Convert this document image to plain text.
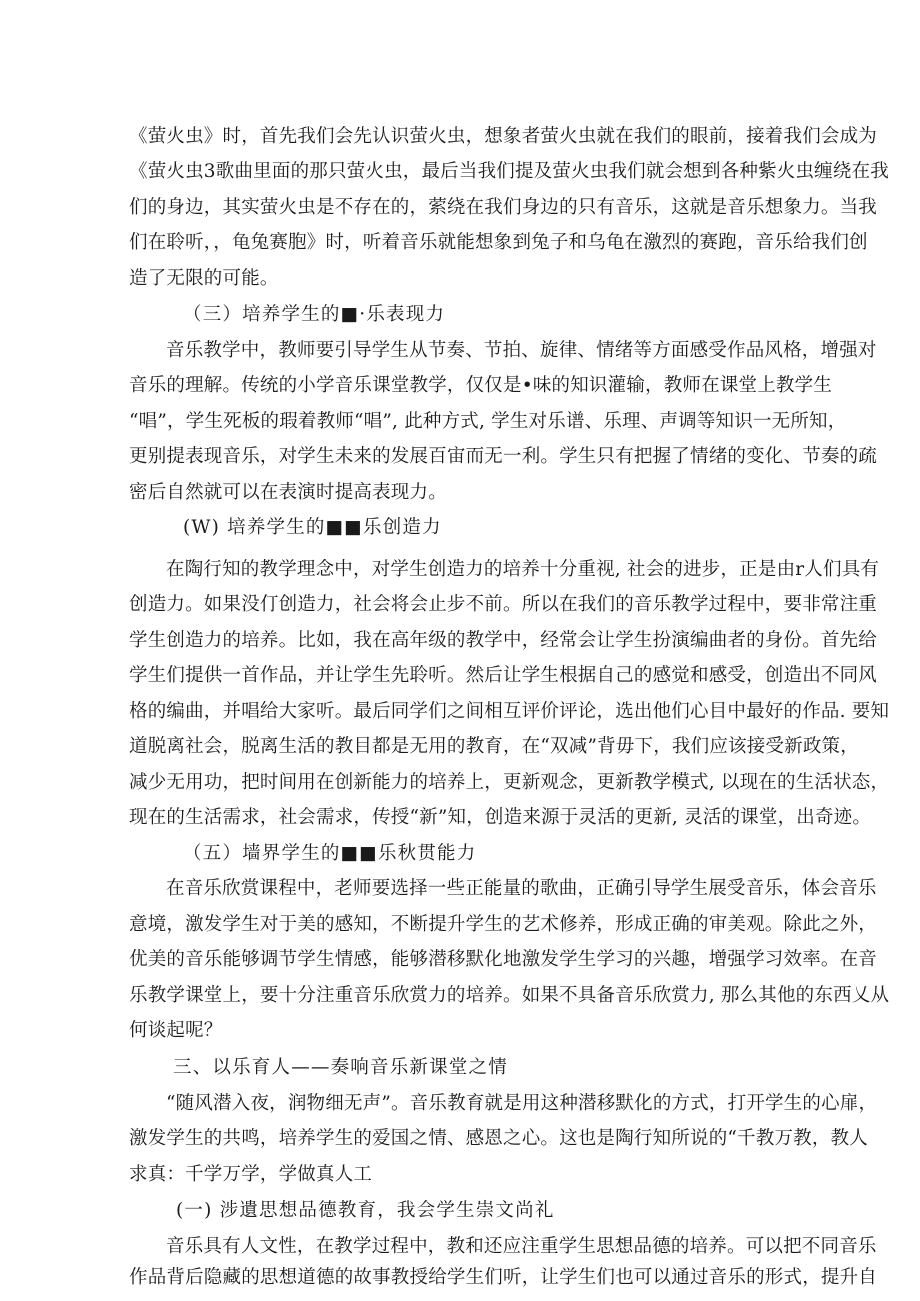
《萤火虫》时，首先我们会先认识萤火虫，想象者萤火虫就在我们的眼前，接着我们会成为
《萤火虫3歌曲里面的那只萤火虫，最后当我们提及萤火虫我们就会想到各种紫火虫缠绕在我
们的身边，其实萤火虫是不存在的，萦绕在我们身边的只有音乐，这就是音乐想象力。当我
们在聆听，，龟兔赛胞》时，听着音乐就能想象到兔子和乌龟在激烈的赛跑，音乐给我们创
造了无限的可能。
（三）培养学生的■·乐表现力
音乐教学中，教师要引导学生从节奏、节拍、旋律、情绪等方面感受作品风格，增强对
音乐的理解。传统的小学音乐课堂教学，仅仅是•味的知识灌输，教师在课堂上教学生
“唱”，学生死板的瑕着教师“唱”, 此种方式, 学生对乐谱、乐理、声调等知识一无所知，
更别提表现音乐，对学生未来的发展百宙而无一利。学生只有把握了情绪的变化、节奏的疏
密后自然就可以在表演时提高表现力。
(W) 培养学生的■■乐创造力
在陶行知的教学理念中，对学生创造力的培养十分重视, 社会的进步，正是由r人们具有
创造力。如果没仃创造力，社会将会止步不前。所以在我们的音乐教学过程中，要非常注重
学生创造力的培养。比如，我在高年级的教学中，经常会让学生扮演编曲者的身份。首先给
学生们提供一首作品，并让学生先聆听。然后让学生根据自己的感觉和感受，创造出不同风
格的编曲，并唱给大家听。最后同学们之间相互评价评论，选出他们心目中最好的作品. 要知
道脱离社会，脱离生活的教目都是无用的教育，在“双减”背毋下，我们应该接受新政策，
减少无用功，把时间用在创新能力的培养上，更新观念，更新教学模式, 以现在的生活状态，
现在的生活需求，社会需求，传授“新”知，创造来源于灵活的更新, 灵活的课堂，出奇迹。
（五）墙界学生的■■乐秋贯能力
在音乐欣赏课程中，老师要选择一些正能量的歌曲，正确引导学生展受音乐，体会音乐
意境，激发学生对于美的感知，不断提升学生的艺术修养，形成正确的审美观。除此之外，
优美的音乐能够调节学生情感，能够潜移默化地激发学生学习的兴趣，增强学习效率。在音
乐教学课堂上，要十分注重音乐欣赏力的培养。如果不具备音乐欣赏力, 那么其他的东西乂从
何谈起呢？
三、以乐育人——奏响音乐新课堂之情
“随风潜入夜，润物细无声”。音乐教育就是用这种潜移默化的方式，打开学生的心扉，
激发学生的共鸣，培养学生的爱国之情、感恩之心。这也是陶行知所说的“千教万教，教人
求真：千学万学，学做真人工
(一) 涉遺思想品德教育，我会学生崇文尚礼
音乐具有人文性，在教学过程中，教和还应注重学生思想品德的培养。可以把不同音乐
作品背后隐藏的思想道德的故事教授给学生们听，让学生们也可以通过音乐的形式，提升自
